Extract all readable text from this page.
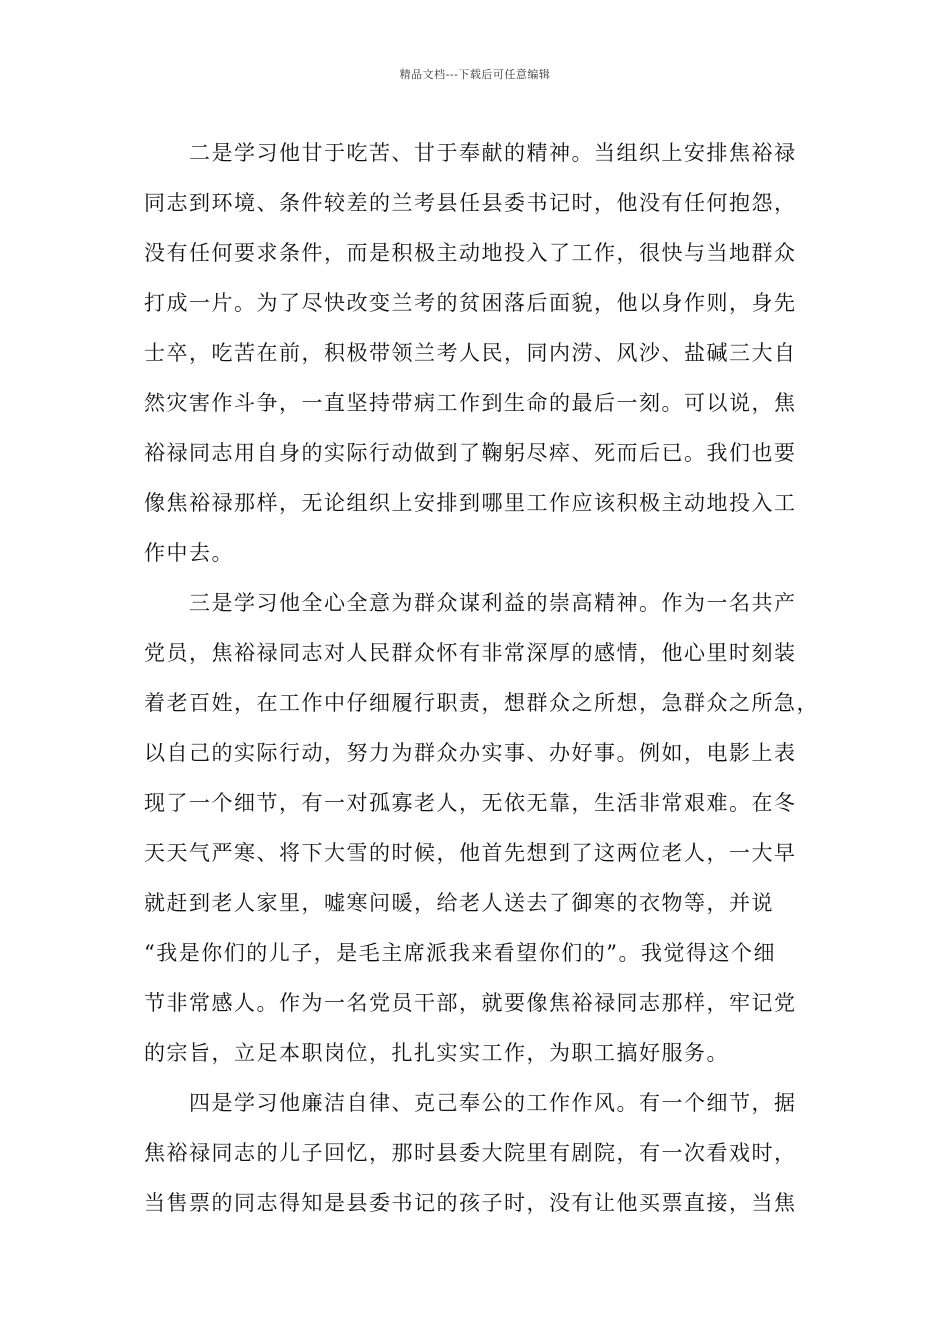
精品文档---下载后可任意编辑
　　二是学习他甘于吃苦、甘于奉献的精神。当组织上安排焦裕禄
同志到环境、条件较差的兰考县任县委书记时，他没有任何抱怨，
没有任何要求条件，而是积极主动地投入了工作，很快与当地群众
打成一片。为了尽快改变兰考的贫困落后面貌，他以身作则，身先
士卒，吃苦在前，积极带领兰考人民，同内涝、风沙、盐碱三大自
然灾害作斗争，一直坚持带病工作到生命的最后一刻。可以说，焦
裕禄同志用自身的实际行动做到了鞠躬尽瘁、死而后已。我们也要
像焦裕禄那样，无论组织上安排到哪里工作应该积极主动地投入工
作中去。
　　三是学习他全心全意为群众谋利益的崇高精神。作为一名共产
党员，焦裕禄同志对人民群众怀有非常深厚的感情，他心里时刻装
着老百姓，在工作中仔细履行职责，想群众之所想，急群众之所急，
以自己的实际行动，努力为群众办实事、办好事。例如，电影上表
现了一个细节，有一对孤寡老人，无依无靠，生活非常艰难。在冬
天天气严寒、将下大雪的时候，他首先想到了这两位老人，一大早
就赶到老人家里，嘘寒问暖，给老人送去了御寒的衣物等，并说
“我是你们的儿子，是毛主席派我来看望你们的”。我觉得这个细
节非常感人。作为一名党员干部，就要像焦裕禄同志那样，牢记党
的宗旨，立足本职岗位，扎扎实实工作，为职工搞好服务。
　　四是学习他廉洁自律、克己奉公的工作作风。有一个细节，据
焦裕禄同志的儿子回忆，那时县委大院里有剧院，有一次看戏时，
当售票的同志得知是县委书记的孩子时，没有让他买票直接，当焦
